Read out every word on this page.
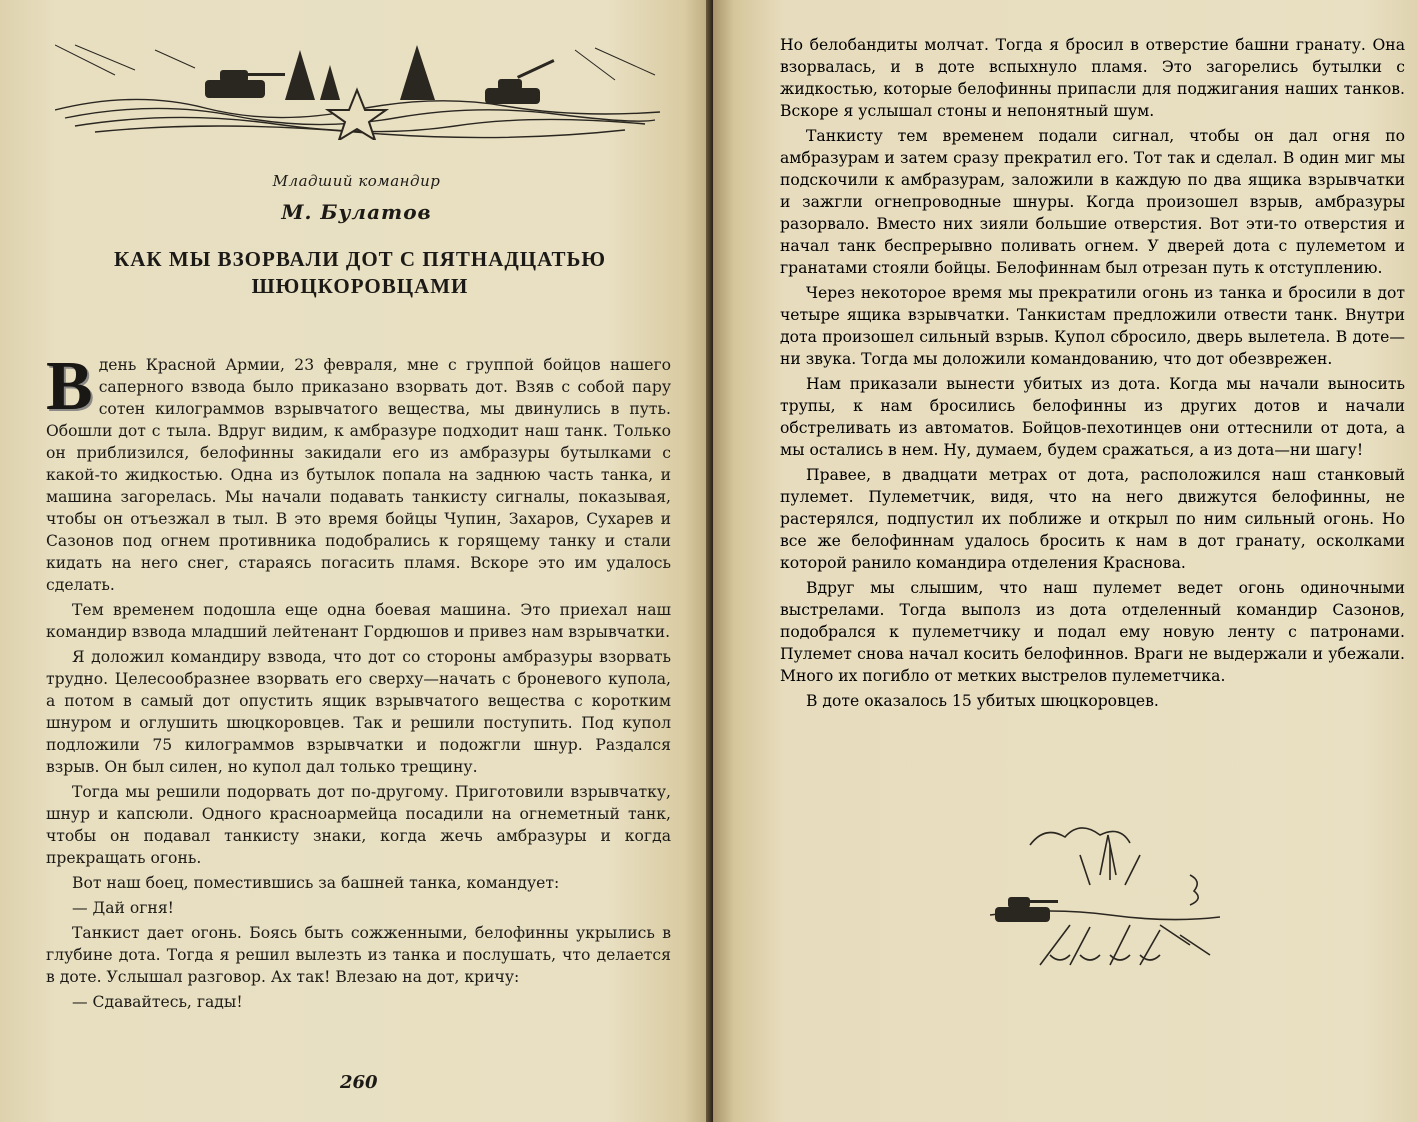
Младший командир
М. Булатов
КАК МЫ ВЗОРВАЛИ ДОТ С ПЯТНАДЦАТЬЮ ШЮЦКОРОВЦАМИ

В день Красной Армии, 23 февраля, мне с группой бойцов нашего саперного взвода было приказано взорвать дот. Взяв с собой пару сотен килограммов взрывчатого вещества, мы двинулись в путь. Обошли дот с тыла. Вдруг видим, к амбразуре подходит наш танк. Только он приблизился, белофинны закидали его из амбразуры бутылками с какой-то жидкостью. Одна из бутылок попала на заднюю часть танка, и машина загорелась. Мы начали подавать танкисту сигналы, показывая, чтобы он отъезжал в тыл. В это время бойцы Чупин, Захаров, Сухарев и Сазонов под огнем противника подобрались к горящему танку и стали кидать на него снег, стараясь погасить пламя. Вскоре это им удалось сделать.

Тем временем подошла еще одна боевая машина. Это приехал наш командир взвода младший лейтенант Гордюшов и привез нам взрывчатки.

Я доложил командиру взвода, что дот со стороны амбразуры взорвать трудно. Целесообразнее взорвать его сверху—начать с броневого купола, а потом в самый дот опустить ящик взрывчатого вещества с коротким шнуром и оглушить шюцкоровцев. Так и решили поступить. Под купол подложили 75 килограммов взрывчатки и подожгли шнур. Раздался взрыв. Он был силен, но купол дал только трещину.

Тогда мы решили подорвать дот по-другому. Приготовили взрывчатку, шнур и капсюли. Одного красноармейца посадили на огнеметный танк, чтобы он подавал танкисту знаки, когда жечь амбразуры и когда прекращать огонь.

Вот наш боец, поместившись за башней танка, командует:

— Дай огня!

Танкист дает огонь. Боясь быть сожженными, белофинны укрылись в глубине дота. Тогда я решил вылезть из танка и послушать, что делается в доте. Услышал разговор. Ах так! Влезаю на дот, кричу:

— Сдавайтесь, гады!

260

Но белобандиты молчат. Тогда я бросил в отверстие башни гранату. Она взорвалась, и в доте вспыхнуло пламя. Это загорелись бутылки с жидкостью, которые белофинны припасли для поджигания наших танков. Вскоре я услышал стоны и непонятный шум.

Танкисту тем временем подали сигнал, чтобы он дал огня по амбразурам и затем сразу прекратил его. Тот так и сделал. В один миг мы подскочили к амбразурам, заложили в каждую по два ящика взрывчатки и зажгли огнепроводные шнуры. Когда произошел взрыв, амбразуры разорвало. Вместо них зияли большие отверстия. Вот эти-то отверстия и начал танк беспрерывно поливать огнем. У дверей дота с пулеметом и гранатами стояли бойцы. Белофиннам был отрезан путь к отступлению.

Через некоторое время мы прекратили огонь из танка и бросили в дот четыре ящика взрывчатки. Танкистам предложили отвести танк. Внутри дота произошел сильный взрыв. Купол сбросило, дверь вылетела. В доте—ни звука. Тогда мы доложили командованию, что дот обезврежен.

Нам приказали вынести убитых из дота. Когда мы начали выносить трупы, к нам бросились белофинны из других дотов и начали обстреливать из автоматов. Бойцов-пехотинцев они оттеснили от дота, а мы остались в нем. Ну, думаем, будем сражаться, а из дота—ни шагу!

Правее, в двадцати метрах от дота, расположился наш станковый пулемет. Пулеметчик, видя, что на него движутся белофинны, не растерялся, подпустил их поближе и открыл по ним сильный огонь. Но все же белофиннам удалось бросить к нам в дот гранату, осколками которой ранило командира отделения Краснова.

Вдруг мы слышим, что наш пулемет ведет огонь одиночными выстрелами. Тогда выполз из дота отделенный командир Сазонов, подобрался к пулеметчику и подал ему новую ленту с патронами. Пулемет снова начал косить белофиннов. Враги не выдержали и убежали. Много их погибло от метких выстрелов пулеметчика.

В доте оказалось 15 убитых шюцкоровцев.
